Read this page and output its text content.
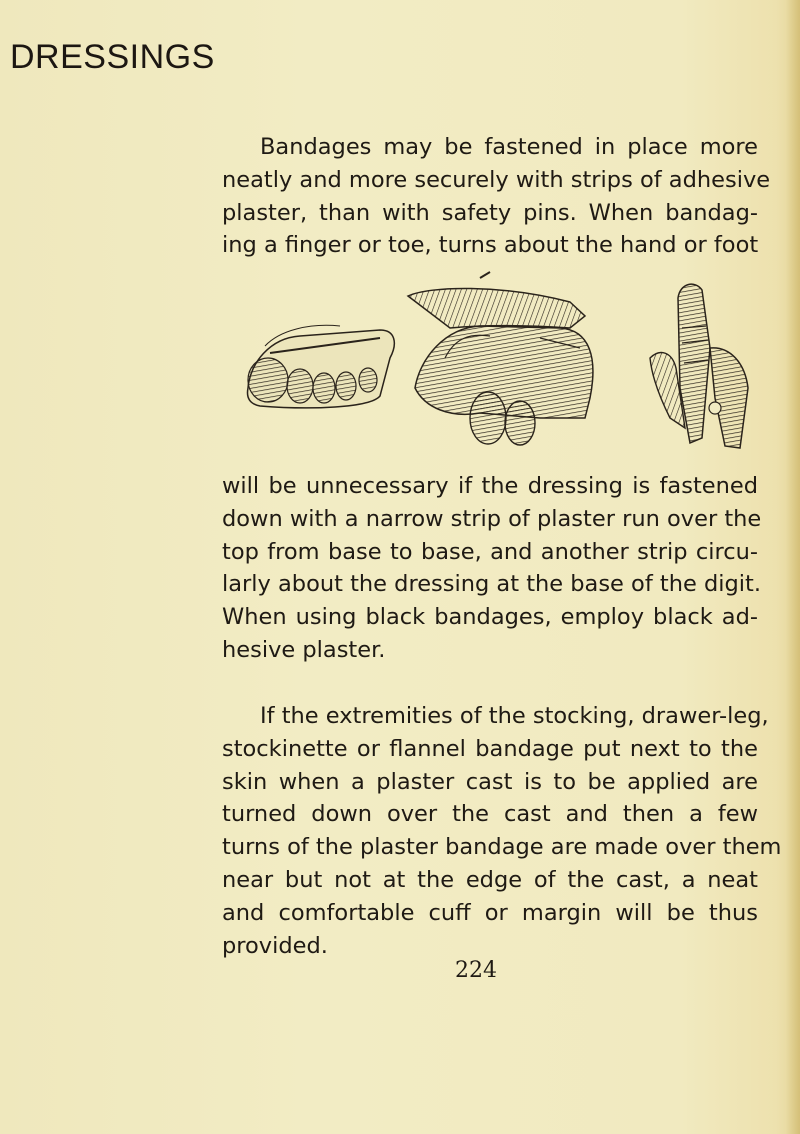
DRESSINGS
Bandages may be fastened in place more
neatly and more securely with strips of adhesive
plaster, than with safety pins. When bandag-
ing a finger or toe, turns about the hand or foot
will be unnecessary if the dressing is fastened
down with a narrow strip of plaster run over the
top from base to base, and another strip circu-
larly about the dressing at the base of the digit.
When using black bandages, employ black ad-
hesive plaster.
If the extremities of the stocking, drawer-leg,
stockinette or flannel bandage put next to the
skin when a plaster cast is to be applied are
turned down over the cast and then a few
turns of the plaster bandage are made over them
near but not at the edge of the cast, a neat
and comfortable cuff or margin will be thus
provided.
224
